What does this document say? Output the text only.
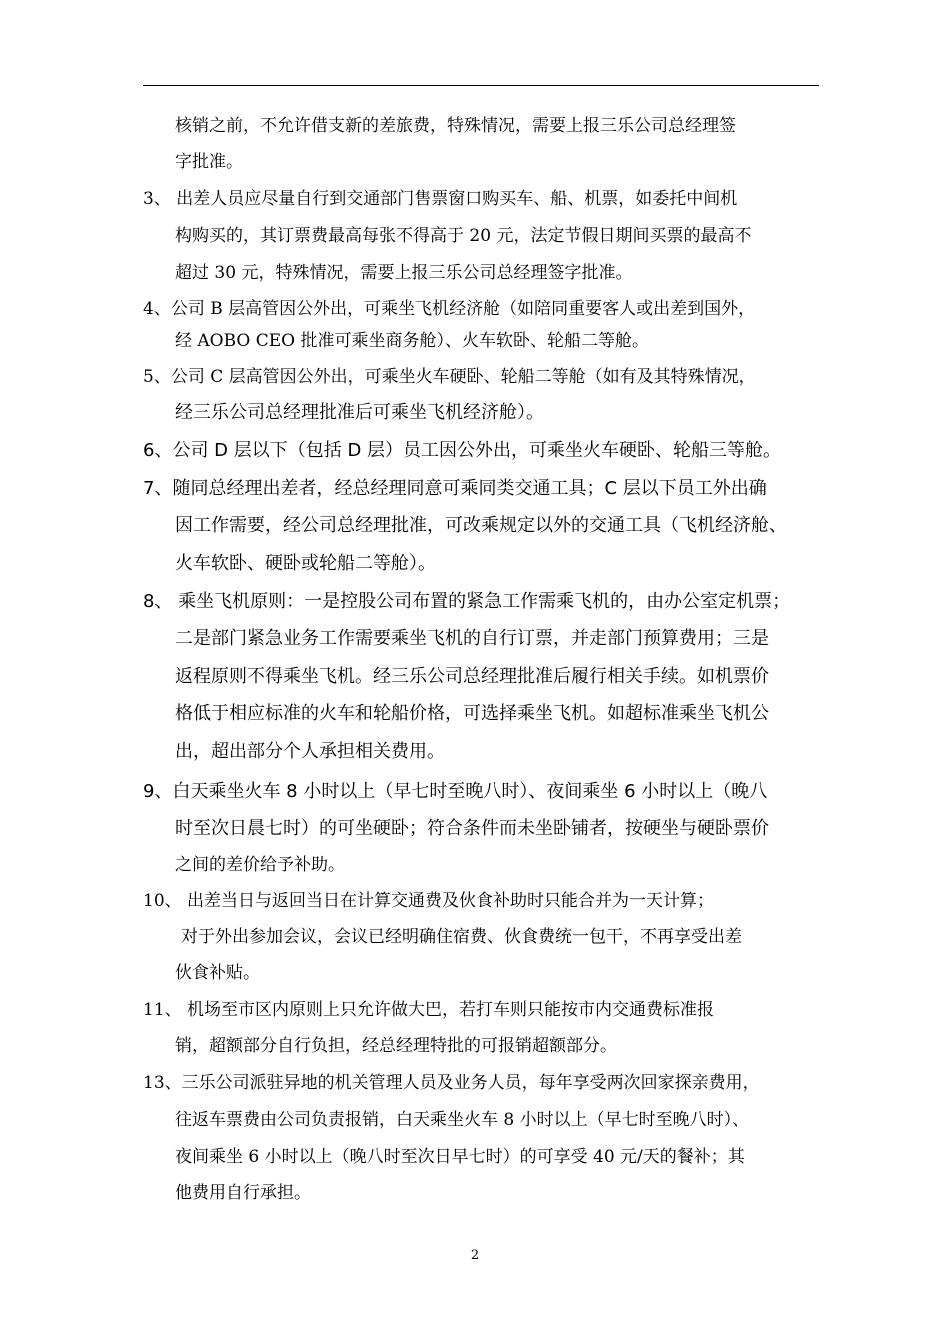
核销之前，不允许借支新的差旅费，特殊情况，需要上报三乐公司总经理签
字批准。
3、 出差人员应尽量自行到交通部门售票窗口购买车、船、机票，如委托中间机
构购买的，其订票费最高每张不得高于 20 元，法定节假日期间买票的最高不
超过 30 元，特殊情况，需要上报三乐公司总经理签字批准。
4、公司 B 层高管因公外出，可乘坐飞机经济舱（如陪同重要客人或出差到国外，
经 AOBO CEO 批准可乘坐商务舱）、火车软卧、轮船二等舱。
5、公司 C 层高管因公外出，可乘坐火车硬卧、轮船二等舱（如有及其特殊情况，
经三乐公司总经理批准后可乘坐飞机经济舱）。
6、公司 D 层以下（包括 D 层）员工因公外出，可乘坐火车硬卧、轮船三等舱。
7、随同总经理出差者，经总经理同意可乘同类交通工具；C 层以下员工外出确
因工作需要，经公司总经理批准，可改乘规定以外的交通工具（飞机经济舱、
火车软卧、硬卧或轮船二等舱）。
8、 乘坐飞机原则：一是控股公司布置的紧急工作需乘飞机的，由办公室定机票；
二是部门紧急业务工作需要乘坐飞机的自行订票，并走部门预算费用；三是
返程原则不得乘坐飞机。经三乐公司总经理批准后履行相关手续。如机票价
格低于相应标准的火车和轮船价格，可选择乘坐飞机。如超标准乘坐飞机公
出，超出部分个人承担相关费用。
9、白天乘坐火车 8 小时以上（早七时至晚八时）、夜间乘坐 6 小时以上（晚八
时至次日晨七时）的可坐硬卧；符合条件而未坐卧铺者，按硬坐与硬卧票价
之间的差价给予补助。
10、 出差当日与返回当日在计算交通费及伙食补助时只能合并为一天计算；
对于外出参加会议，会议已经明确住宿费、伙食费统一包干，不再享受出差
伙食补贴。
11、 机场至市区内原则上只允许做大巴，若打车则只能按市内交通费标准报
销，超额部分自行负担，经总经理特批的可报销超额部分。
13、三乐公司派驻异地的机关管理人员及业务人员，每年享受两次回家探亲费用，
往返车票费由公司负责报销，白天乘坐火车 8 小时以上（早七时至晚八时）、
夜间乘坐 6 小时以上（晚八时至次日早七时）的可享受 40 元/天的餐补；其
他费用自行承担。
2
